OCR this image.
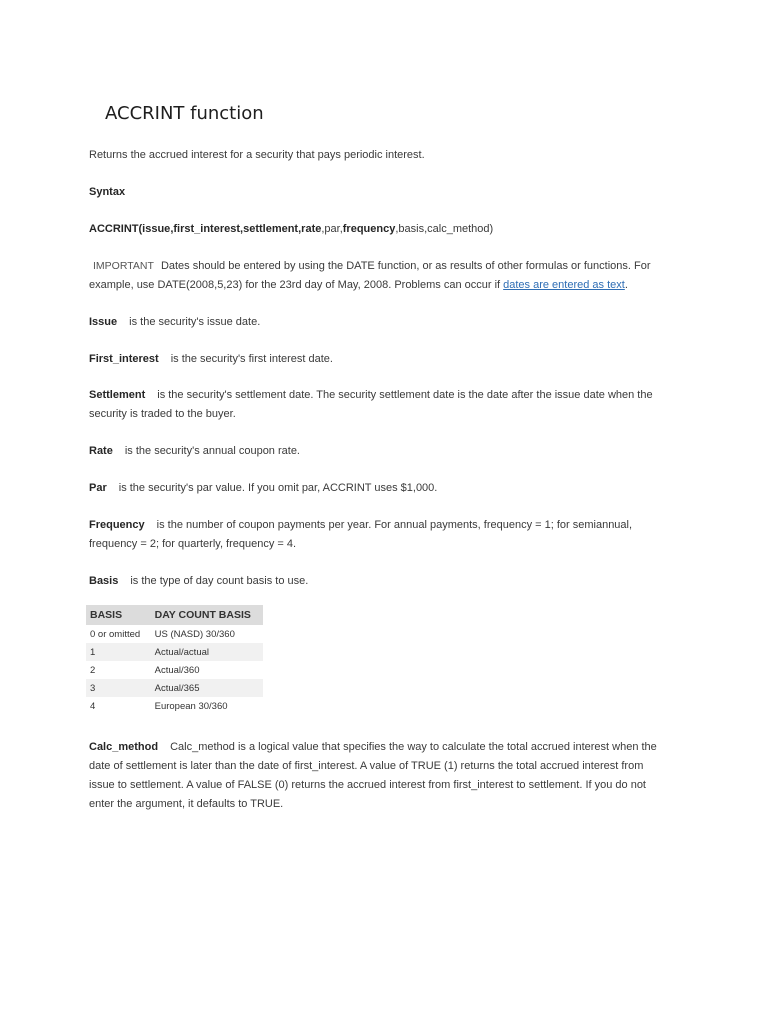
ACCRINT function

Returns the accrued interest for a security that pays periodic interest.

Syntax

ACCRINT(issue,first_interest,settlement,rate,par,frequency,basis,calc_method)

IMPORTANT Dates should be entered by using the DATE function, or as results of other formulas or functions. For
example, use DATE(2008,5,23) for the 23rd day of May, 2008. Problems can occur if dates are entered as text.

Issue is the security's issue date.

First_interest is the security's first interest date.

Settlement is the security's settlement date. The security settlement date is the date after the issue date when the
security is traded to the buyer.

Rate is the security's annual coupon rate.

Par is the security's par value. If you omit par, ACCRINT uses $1,000.

Frequency is the number of coupon payments per year. For annual payments, frequency = 1; for semiannual,
frequency = 2; for quarterly, frequency = 4.

Basis is the type of day count basis to use.

BASIS	DAY COUNT BASIS
0 or omitted	US (NASD) 30/360
1	Actual/actual
2	Actual/360
3	Actual/365
4	European 30/360

Calc_method Calc_method is a logical value that specifies the way to calculate the total accrued interest when the
date of settlement is later than the date of first_interest. A value of TRUE (1) returns the total accrued interest from
issue to settlement. A value of FALSE (0) returns the accrued interest from first_interest to settlement. If you do not
enter the argument, it defaults to TRUE.
